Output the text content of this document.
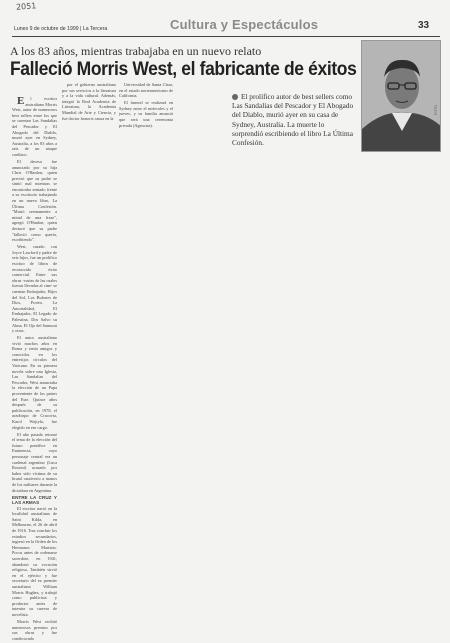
2051
Lunes 9 de octubre de 1999 | La Tercera	Cultura y Espectáculos	33
A los 83 años, mientras trabajaba en un nuevo relato
Falleció Morris West, el fabricante de éxitos
FOTO
El prolífico autor de best sellers como Las Sandalias del Pescador y El Abogado del Diablo, murió ayer en su casa de Sydney, Australia. La muerte lo sorprendió escribiendo el libro La Última Confesión.

E l escritor australiano Morris West, autor de numerosos best sellers entre los que se cuentan Las Sandalias del Pescador y El Abogado del Diablo, murió ayer en Sydney, Australia, a los 83 años a raíz de un ataque cardíaco.

El deceso fue anunciado por su hija Chris O'Hanlon, quien precisó que su padre se sintió mal mientras se encontraba sentado frente a su escritorio trabajando en un nuevo libro, La Última Confesión. "Murió serenamente a mitad de una frase", agregó O'Hanlon, quien destacó que su padre "falleció como quería, escribiendo".

West, casado con Joyce Lawford y padre de seis hijos, fue un prolífico escritor de libros de reconocido éxito comercial. Entre sus obras -varias de las cuales fueron llevadas al cine- se cuentan Embajador, Hijos del Sol, Los Bufones de Dios, Proteo, La Amortalidad, El Embajador, El Legado de Palestina, Dos Salvo su Alma, El Ojo del Samurai y otras.

El autor australiano vivió muchos años en Roma y tenía amigos y conocidos en los entresijos círculos del Vaticano. En su primera novela sobre una Iglesia, Las Sandalias del Pescador, West anunciaba la elección de un Papa proveniente de los países del Este. Quince años después de su publicación, en 1978, el arzobispo de Cracovia, Karol Wojtyla, fue elegido en ese cargo.

El año pasado retomó el tema de la elección del futuro pontífice en Eminencia, cuyo personaje central era un cardenal argentino (Luca Rossini) acusado por haber sido víctima de su brutal cautiverio a manos de los militares durante la dictadura en Argentina.

ENTRE LA CRUZ Y LAS ARMAS

El escritor nació en la localidad australiana de Saint Kilda, en Melbourne, el 26 de abril de 1916. Tras concluir los estudios secundarios, ingresó en la Orden de los Hermanos Maristas. Pocos antes de ordenarse sacerdote, en 1941, abandonó su vocación religiosa. También sirvió en el ejército y fue secretario del ex premier australiano William Morris Hughes, y trabajó como publicista y productor antes de intentar su carrera de novelista.

Morris West recibió numerosos premios por sus obras y fue condecorado

por el gobierno australiano por sus servicios a la literatura y a la vida cultural. Además, integró la Real Academia de Literatura, la Academia Mundial de Arte y Ciencia, y fue doctor honoris causa en la

Universidad de Santa Clara, en el estado norteamericano de California.

El funeral se realizará en Sydney entre el miércoles y el jueves, y su familia anunció que será una ceremonia privada (Agencias).
